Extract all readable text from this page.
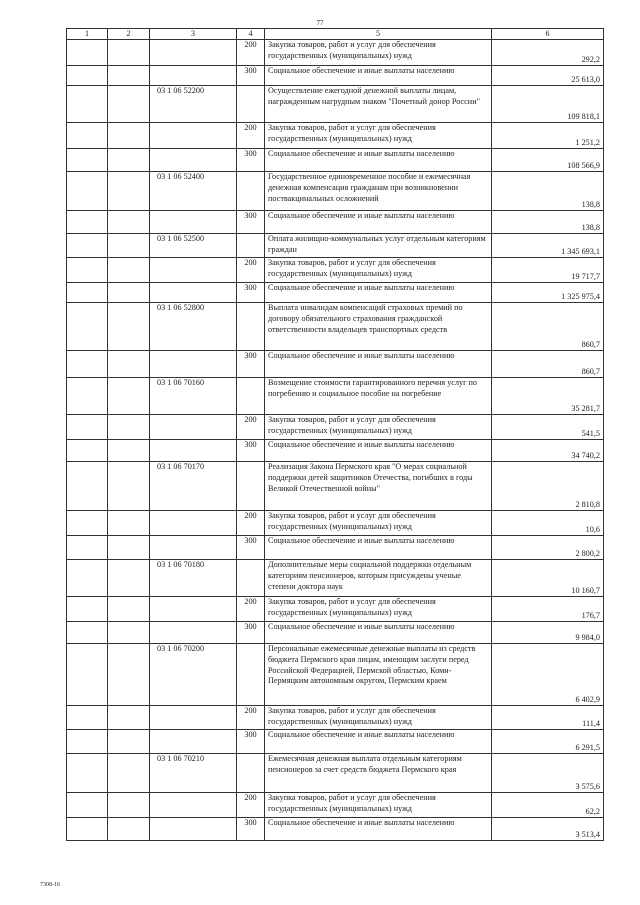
77
1	2	3	4	5	6
			200	Закупка товаров, работ и услуг для обеспечения государственных (муниципальных) нужд	292,2
			300	Социальное обеспечение и иные выплаты населению	25 613,0
		03 1 06 52200		Осуществление ежегодной денежной выплаты лицам, награжденным нагрудным знаком "Почетный донор России"	109 818,1
			200	Закупка товаров, работ и услуг для обеспечения государственных (муниципальных) нужд	1 251,2
			300	Социальное обеспечение и иные выплаты населению	108 566,9
		03 1 06 52400		Государственное единовременное пособие и ежемесячная денежная компенсация гражданам при возникновении поствакцинальных осложнений	138,8
			300	Социальное обеспечение и иные выплаты населению	138,8
		03 1 06 52500		Оплата жилищно-коммунальных услуг отдельным категориям граждан	1 345 693,1
			200	Закупка товаров, работ и услуг для обеспечения государственных (муниципальных) нужд	19 717,7
			300	Социальное обеспечение и иные выплаты населению	1 325 975,4
		03 1 06 52800		Выплата инвалидам компенсаций страховых премий по договору обязательного страхования гражданской ответственности владельцев транспортных средств	860,7
			300	Социальное обеспечение и иные выплаты населению	860,7
		03 1 06 70160		Возмещение стоимости гарантированного перечня услуг по погребению и социальное пособие на погребение	35 281,7
			200	Закупка товаров, работ и услуг для обеспечения государственных (муниципальных) нужд	541,5
			300	Социальное обеспечение и иные выплаты населению	34 740,2
		03 1 06 70170		Реализация Закона Пермского края "О мерах социальной поддержки детей защитников Отечества, погибших в годы Великой Отечественной войны"	2 810,8
			200	Закупка товаров, работ и услуг для обеспечения государственных (муниципальных) нужд	10,6
			300	Социальное обеспечение и иные выплаты населению	2 800,2
		03 1 06 70180		Дополнительные меры социальной поддержки отдельным категориям пенсионеров, которым присуждены ученые степени доктора наук	10 160,7
			200	Закупка товаров, работ и услуг для обеспечения государственных (муниципальных) нужд	176,7
			300	Социальное обеспечение и иные выплаты населению	9 984,0
		03 1 06 70200		Персональные ежемесячные денежные выплаты из средств бюджета Пермского края лицам, имеющим заслуги перед Российской Федерацией, Пермской областью, Коми-Пермяцким автономным округом, Пермским краем	6 402,9
			200	Закупка товаров, работ и услуг для обеспечения государственных (муниципальных) нужд	111,4
			300	Социальное обеспечение и иные выплаты населению	6 291,5
		03 1 06 70210		Ежемесячная денежная выплата отдельным категориям пенсионеров за счет средств бюджета Пермского края	3 575,6
			200	Закупка товаров, работ и услуг для обеспечения государственных (муниципальных) нужд	62,2
			300	Социальное обеспечение и иные выплаты населению	3 513,4
7308-16
